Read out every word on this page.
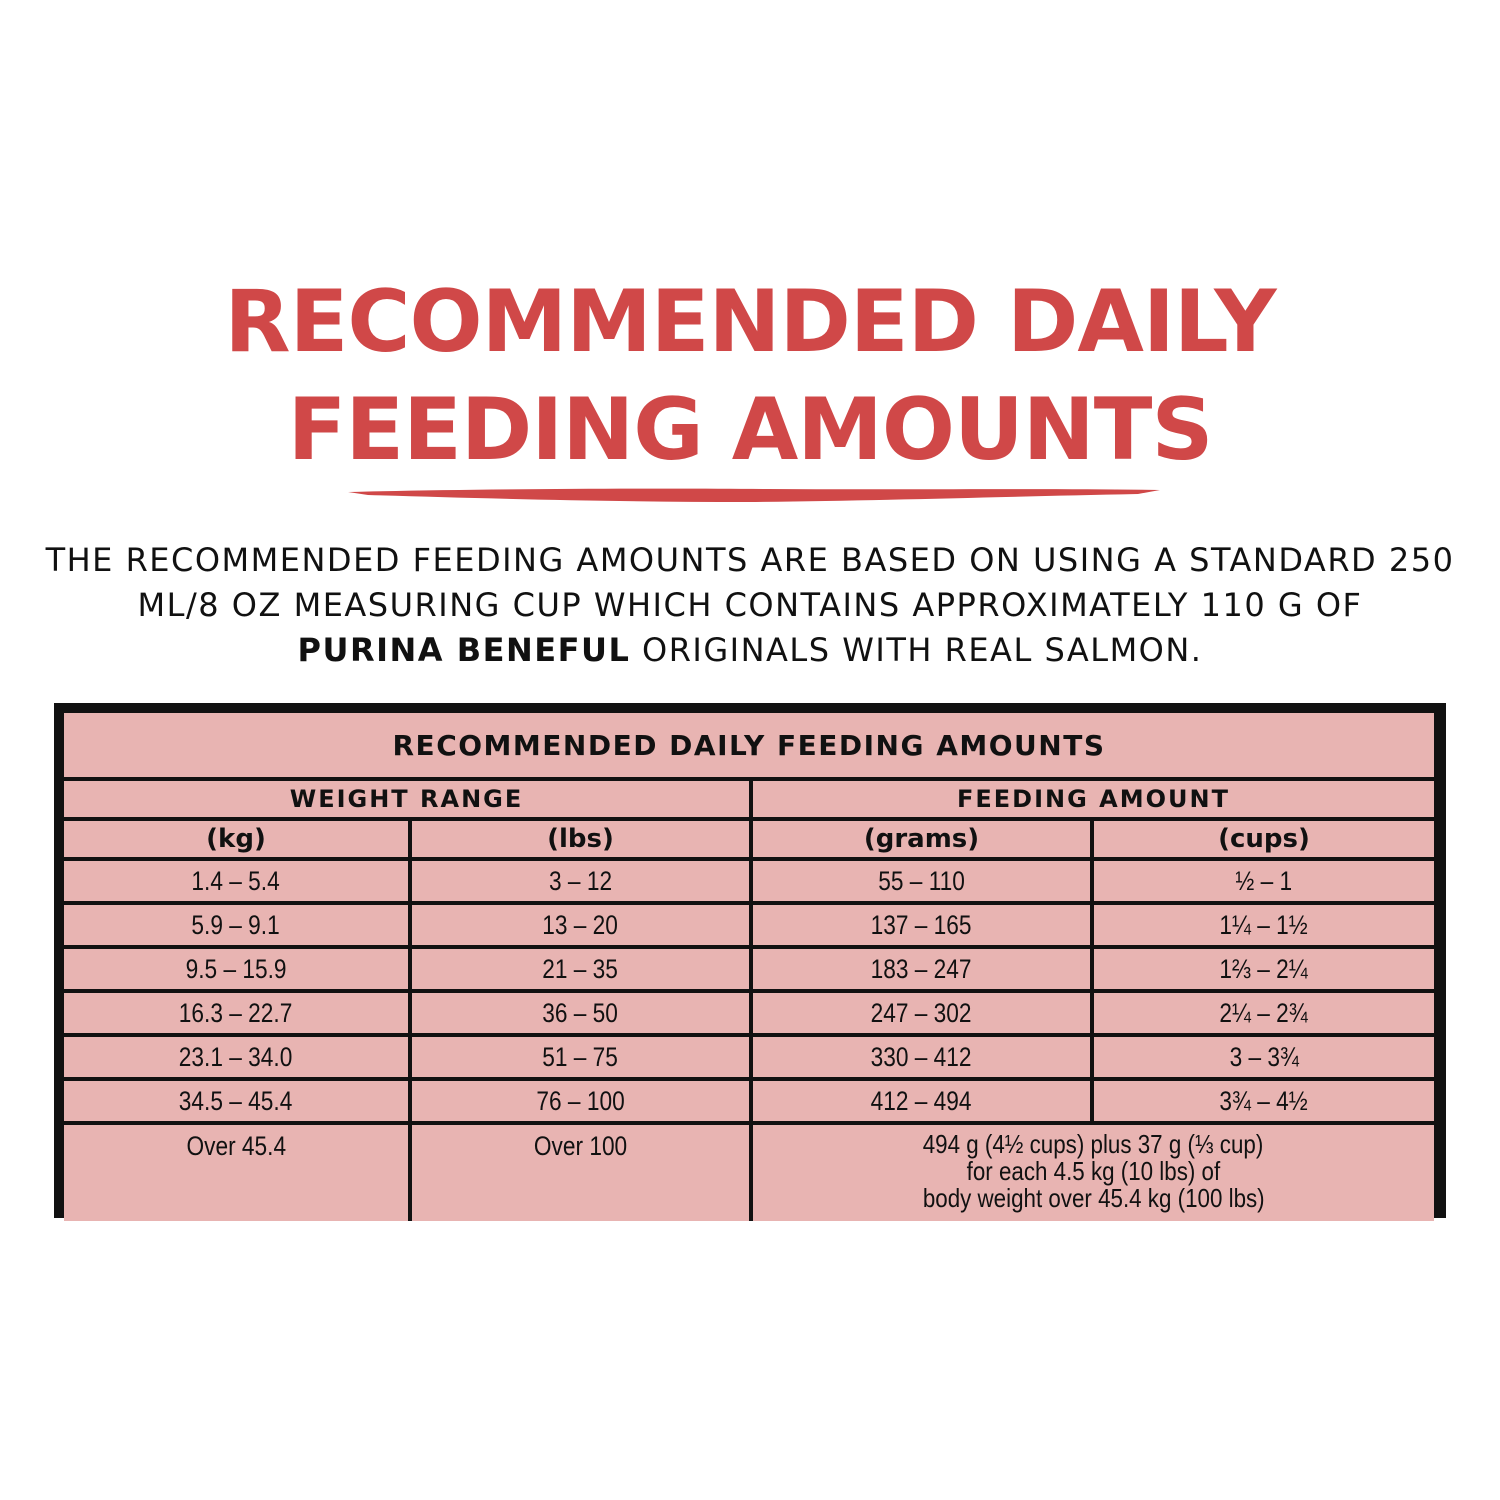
RECOMMENDED DAILY
FEEDING AMOUNTS
THE RECOMMENDED FEEDING AMOUNTS ARE BASED ON USING A STANDARD 250 ML/8 OZ MEASURING CUP WHICH CONTAINS APPROXIMATELY 110 G OF
PURINA BENEFUL ORIGINALS WITH REAL SALMON.
RECOMMENDED DAILY FEEDING AMOUNTS			
WEIGHT RANGE		FEEDING AMOUNT	
(kg)	(lbs)	(grams)	(cups)
1.4 – 5.4	3 – 12	55 – 110	½ – 1
5.9 – 9.1	13 – 20	137 – 165	1¼ – 1½
9.5 – 15.9	21 – 35	183 – 247	1⅔ – 2¼
16.3 – 22.7	36 – 50	247 – 302	2¼ – 2¾
23.1 – 34.0	51 – 75	330 – 412	3 – 3¾
34.5 – 45.4	76 – 100	412 – 494	3¾ – 4½
Over 45.4	Over 100	494 g (4½ cups) plus 37 g (⅓ cup)
for each 4.5 kg (10 lbs) of
body weight over 45.4 kg (100 lbs)	
